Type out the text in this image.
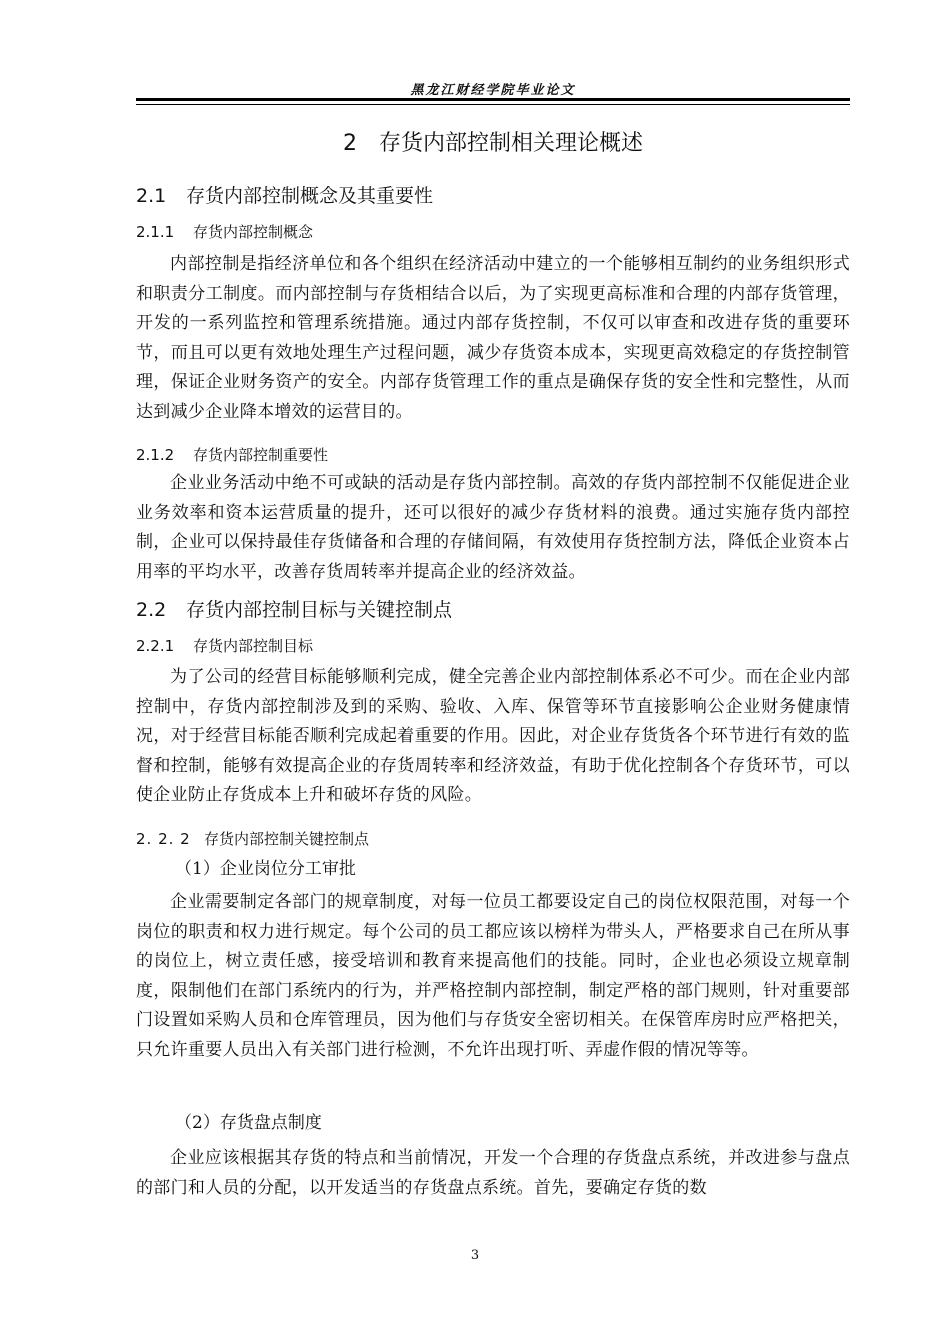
黑龙江财经学院毕业论文
2 存货内部控制相关理论概述
2.1 存货内部控制概念及其重要性
2.1.1 存货内部控制概念
内部控制是指经济单位和各个组织在经济活动中建立的一个能够相互制约的业务组织形式和职责分工制度。而内部控制与存货相结合以后，为了实现更高标准和合理的内部存货管理，开发的一系列监控和管理系统措施。通过内部存货控制，不仅可以审查和改进存货的重要环节，而且可以更有效地处理生产过程问题，减少存货资本成本，实现更高效稳定的存货控制管理，保证企业财务资产的安全。内部存货管理工作的重点是确保存货的安全性和完整性，从而达到减少企业降本增效的运营目的。
2.1.2 存货内部控制重要性
企业业务活动中绝不可或缺的活动是存货内部控制。高效的存货内部控制不仅能促进企业业务效率和资本运营质量的提升，还可以很好的减少存货材料的浪费。通过实施存货内部控制，企业可以保持最佳存货储备和合理的存储间隔，有效使用存货控制方法，降低企业资本占用率的平均水平，改善存货周转率并提高企业的经济效益。
2.2 存货内部控制目标与关键控制点
2.2.1 存货内部控制目标
为了公司的经营目标能够顺利完成，健全完善企业内部控制体系必不可少。而在企业内部控制中，存货内部控制涉及到的采购、验收、入库、保管等环节直接影响公企业财务健康情况，对于经营目标能否顺利完成起着重要的作用。因此，对企业存货货各个环节进行有效的监督和控制，能够有效提高企业的存货周转率和经济效益，有助于优化控制各个存货环节，可以使企业防止存货成本上升和破坏存货的风险。
2. 2. 2 存货内部控制关键控制点
（1）企业岗位分工审批
企业需要制定各部门的规章制度，对每一位员工都要设定自己的岗位权限范围，对每一个岗位的职责和权力进行规定。每个公司的员工都应该以榜样为带头人，严格要求自己在所从事的岗位上，树立责任感，接受培训和教育来提高他们的技能。同时，企业也必须设立规章制度，限制他们在部门系统内的行为，并严格控制内部控制，制定严格的部门规则，针对重要部门设置如采购人员和仓库管理员，因为他们与存货安全密切相关。在保管库房时应严格把关，只允许重要人员出入有关部门进行检测，不允许出现打听、弄虚作假的情况等等。
（2）存货盘点制度
企业应该根据其存货的特点和当前情况，开发一个合理的存货盘点系统，并改进参与盘点的部门和人员的分配，以开发适当的存货盘点系统。首先，要确定存货的数
3
